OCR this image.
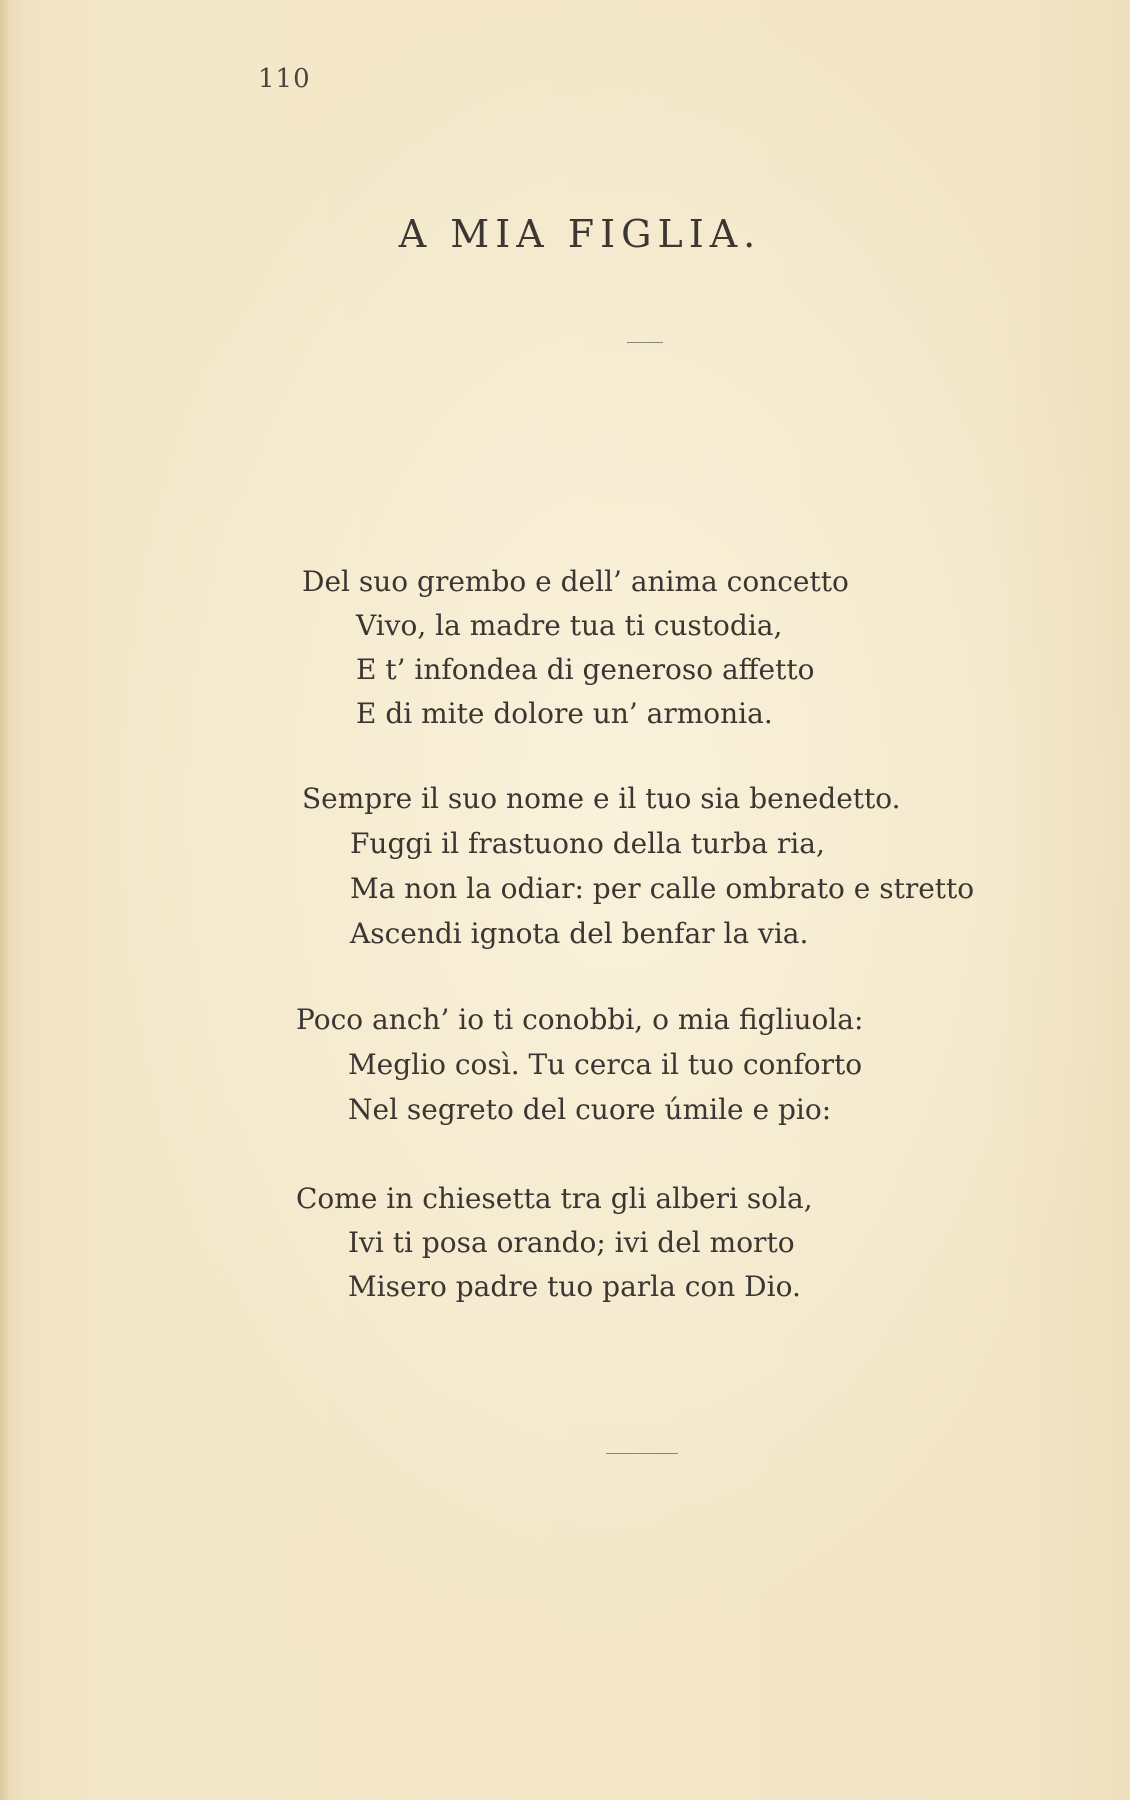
110
A MIA FIGLIA.
Del suo grembo e dell’ anima concetto
Vivo, la madre tua ti custodia,
E t’ infondea di generoso affetto
E di mite dolore un’ armonia.
Sempre il suo nome e il tuo sia benedetto.
Fuggi il frastuono della turba ria,
Ma non la odiar: per calle ombrato e stretto
Ascendi ignota del benfar la via.
Poco anch’ io ti conobbi, o mia figliuola:
Meglio così. Tu cerca il tuo conforto
Nel segreto del cuore úmile e pio:
Come in chiesetta tra gli alberi sola,
Ivi ti posa orando; ivi del morto
Misero padre tuo parla con Dio.
